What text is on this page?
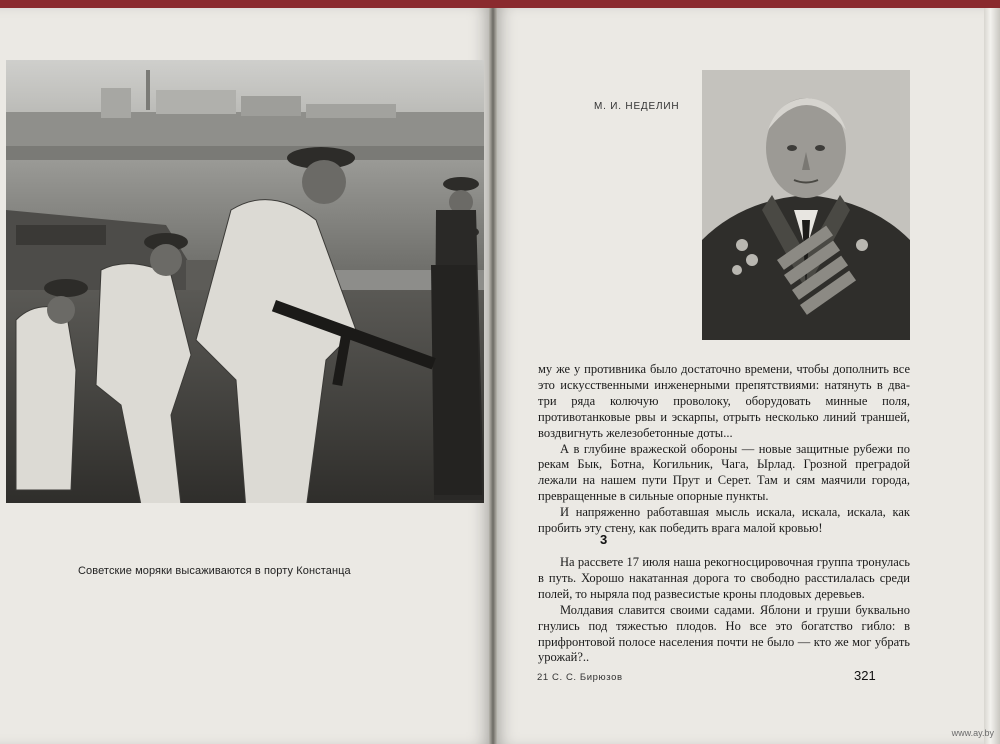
Советские моряки высаживаются в порту Констанца
М. И. НЕДЕЛИН

му же у противника было достаточно времени, чтобы дополнить все это искусственными инженерными препятствиями: натянуть в два-три ряда колючую проволоку, оборудовать минные поля, противотанковые рвы и эскарпы, отрыть несколько линий траншей, воздвигнуть железобетонные доты...

А в глубине вражеской обороны — новые защитные рубежи по рекам Бык, Ботна, Когильник, Чага, Ырлад. Грозной преградой лежали на нашем пути Прут и Серет. Там и сям маячили города, превращенные в сильные опорные пункты.

И напряженно работавшая мысль искала, искала, искала, как пробить эту стену, как победить врага малой кровью!

3

На рассвете 17 июля наша рекогносцировочная группа тронулась в путь. Хорошо накатанная дорога то свободно расстилалась среди полей, то ныряла под развесистые кроны плодовых деревьев.

Молдавия славится своими садами. Яблони и груши буквально гнулись под тяжестью плодов. Но все это богатство гибло: в прифронтовой полосе населения почти не было — кто же мог убрать урожай?..

21 С. С. Бирюзов	321
www.ay.by
